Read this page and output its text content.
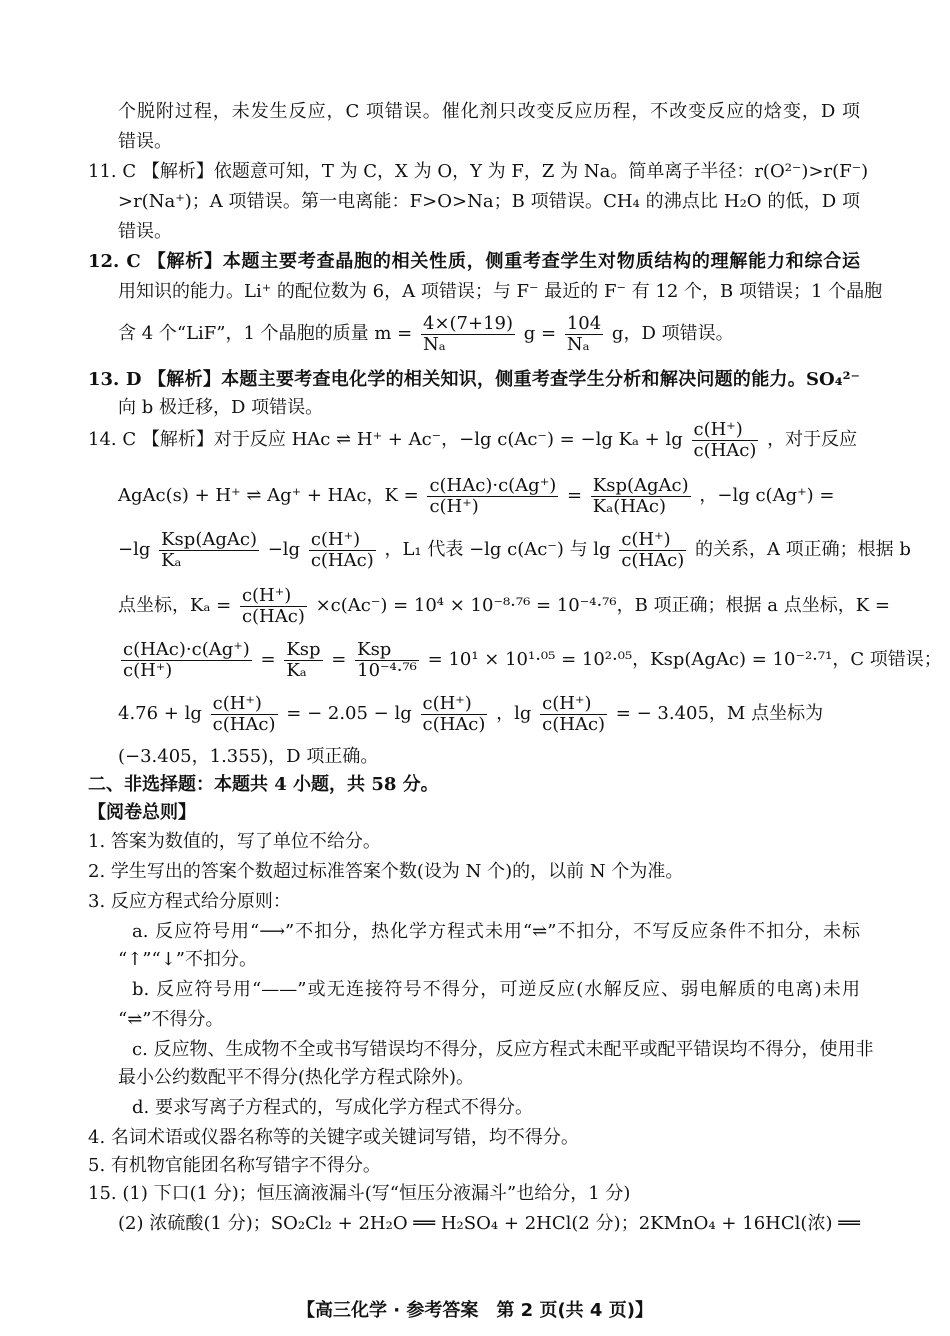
个脱附过程，未发生反应，C 项错误。催化剂只改变反应历程，不改变反应的焓变，D 项
错误。
11. C 【解析】依题意可知，T 为 C，X 为 O，Y 为 F，Z 为 Na。简单离子半径：r(O²⁻)>r(F⁻)
>r(Na⁺)；A 项错误。第一电离能：F>O>Na；B 项错误。CH₄ 的沸点比 H₂O 的低，D 项
错误。
12. C 【解析】本题主要考查晶胞的相关性质，侧重考查学生对物质结构的理解能力和综合运
用知识的能力。Li⁺ 的配位数为 6，A 项错误；与 F⁻ 最近的 F⁻ 有 12 个，B 项错误；1 个晶胞
含 4 个“LiF”，1 个晶胞的质量 $m = \frac{4\times(7+19)}{\text{Nₐ}}$ $g = \frac{104}{\text{Nₐ}}$ g，D 项错误。
13. D 【解析】本题主要考查电化学的相关知识，侧重考查学生分析和解决问题的能力。SO₄²⁻
向 b 极迁移，D 项错误。
14. C 【解析】对于反应 HAc ⇌ H⁺ + Ac⁻，−lg c(Ac⁻) = −lg $K_a + \lg \frac{c(H^+)}{\text{c(HAc)}}$ ，对于反应
AgAc(s) + H⁺ ⇌ Ag⁺ + HAc，$K = \frac{\text{c(HAc)·c(Ag⁺)}}{c(H^+)} = \frac{\text{Ksp(AgAc)}}{\text{Kₐ(HAc)}}$ ，−lg c(Ag⁺) =
$-\lg \frac{\text{Ksp(AgAc)}}{\text{Kₐ}} -\lg \frac{c(H^+)}{\text{c(HAc)}}$ ，L₁ 代表 −lg c(Ac⁻) 与 $\lg \frac{c(H^+)}{\text{c(HAc)}}$ 的关系，A 项正确；根据 b
点坐标，$K_a = \frac{c(H^+)}{\text{c(HAc)}} \times c(Ac^-) = 10^4 \times 10^{-8}\cdot^{76} = 10^{-4}\cdot^{76}$，B 项正确；根据 a 点坐标，K =
$\frac{\text{c(HAc)·c(Ag⁺)}}{c(H^+)} = \frac{\text{Ksp}}{\text{Kₐ}} = \frac{\text{Ksp}}{\text{10⁻⁴·⁷⁶}} = 10^1 \times 10^1\cdot^{05} = 10^2\cdot^{05}$，Ksp(AgAc) = 10⁻²·⁷¹，C 项错误；
$4.76 + \lg \frac{c(H^+)}{\text{c(HAc)}}$ = − $2.05 - \lg \frac{c(H^+)}{\text{c(HAc)}}$ ，$\lg \frac{c(H^+)}{\text{c(HAc)}}$ = − 3.405，M 点坐标为
(−3.405，1.355)，D 项正确。
二、非选择题：本题共 4 小题，共 58 分。
【阅卷总则】
1. 答案为数值的，写了单位不给分。
2. 学生写出的答案个数超过标准答案个数(设为 N 个)的，以前 N 个为准。
3. 反应方程式给分原则：
a. 反应符号用“⟶”不扣分，热化学方程式未用“⇌”不扣分，不写反应条件不扣分，未标
“↑”“↓”不扣分。
b. 反应符号用“——”或无连接符号不得分，可逆反应(水解反应、弱电解质的电离)未用
“⇌”不得分。
c. 反应物、生成物不全或书写错误均不得分，反应方程式未配平或配平错误均不得分，使用非
最小公约数配平不得分(热化学方程式除外)。
d. 要求写离子方程式的，写成化学方程式不得分。
4. 名词术语或仪器名称等的关键字或关键词写错，均不得分。
5. 有机物官能团名称写错字不得分。
15. (1) 下口(1 分)；恒压滴液漏斗(写“恒压分液漏斗”也给分，1 分)
(2) 浓硫酸(1 分)；SO₂Cl₂ + 2H₂O ══ H₂SO₄ + 2HCl(2 分)；2KMnO₄ + 16HCl(浓) ══
【高三化学 · 参考答案　第 2 页(共 4 页)】
